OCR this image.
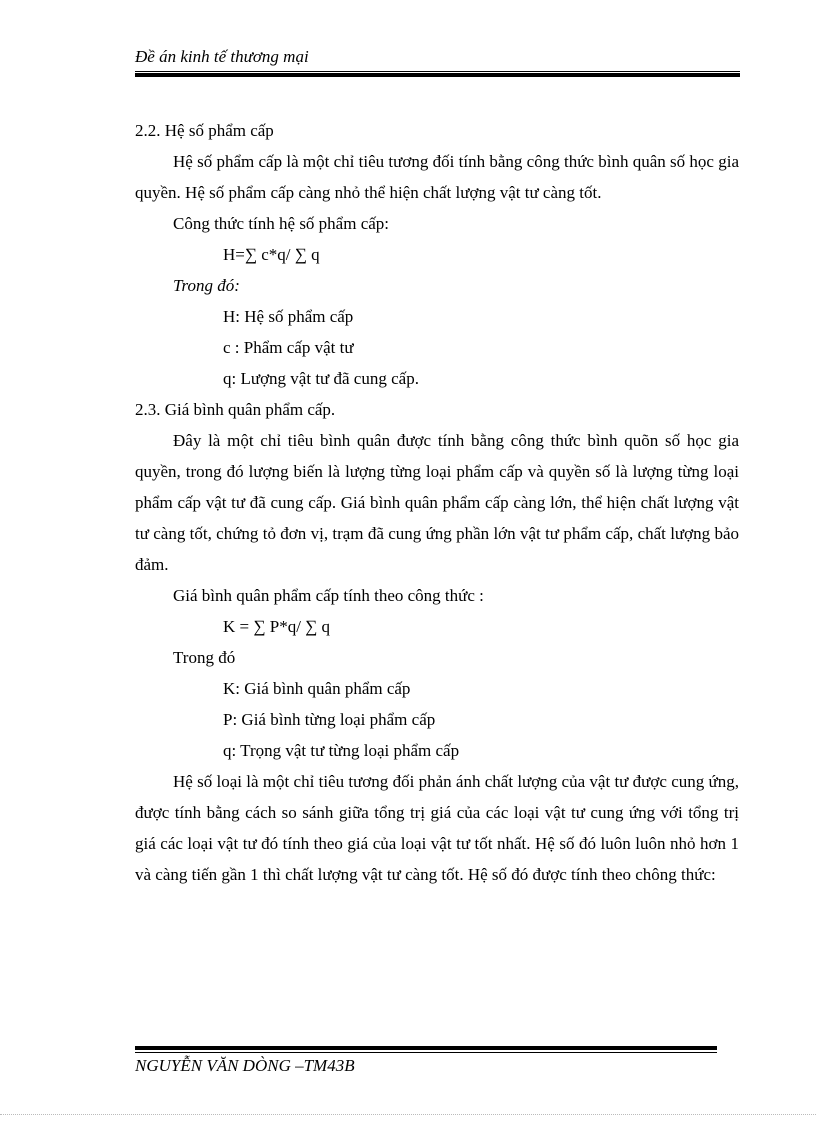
Đề án kinh tế thương mại

2.2. Hệ số phẩm cấp

Hệ số phẩm cấp là một chỉ tiêu tương đối tính bằng công thức bình quân số học gia quyền. Hệ số phẩm cấp càng nhỏ thể hiện chất lượng vật tư càng tốt.

Công thức tính hệ số phẩm cấp:

H=∑ c*q/ ∑ q

Trong đó:

H: Hệ số phẩm cấp

c : Phẩm cấp vật tư

q: Lượng vật tư đã cung cấp.

2.3. Giá bình quân phẩm cấp.

Đây là một chỉ tiêu bình quân được tính bằng công thức bình quõn số học gia quyền, trong đó lượng biến là lượng từng loại phẩm cấp và quyền số là lượng từng loại phẩm cấp vật tư đã cung cấp. Giá bình quân phẩm cấp càng lớn, thể hiện chất lượng vật tư càng tốt, chứng tỏ đơn vị, trạm đã cung ứng phần lớn vật tư phẩm cấp, chất lượng bảo đảm.

Giá bình quân phẩm cấp tính theo công thức :

K = ∑ P*q/ ∑ q

Trong đó

K: Giá bình quân phẩm cấp

P: Giá bình từng loại phẩm cấp

q: Trọng vật tư từng loại phẩm cấp

Hệ số loại là một chỉ tiêu tương đối phản ánh chất lượng của vật tư được cung ứng, được tính bằng cách so sánh giữa tổng trị giá của các loại vật tư cung ứng với tổng trị giá các loại vật tư đó tính theo giá của loại vật tư tốt nhất. Hệ số đó luôn luôn nhỏ hơn 1 và càng tiến gần 1 thì chất lượng vật tư càng tốt. Hệ số đó được tính theo chông thức:

NGUYỄN VĂN DÒNG –TM43B
